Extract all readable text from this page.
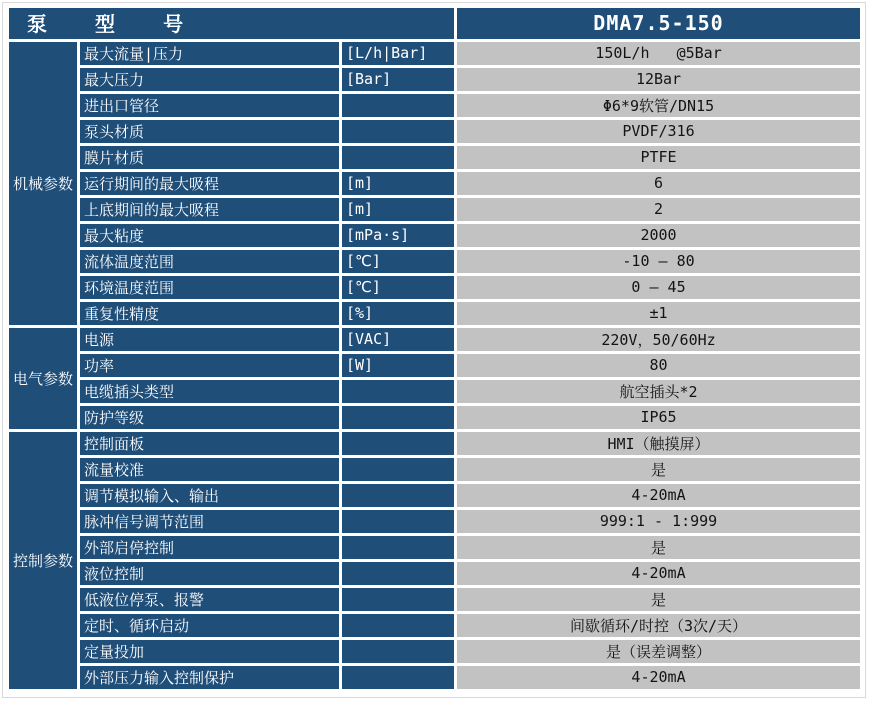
泵 型 号			DMA7.5-150
机械参数	最大流量|压力	[L/h|Bar]	150L/h   @5Bar
	最大压力	[Bar]	12Bar
	进出口管径		Φ6*9软管/DN15
	泵头材质		PVDF/316
	膜片材质		PTFE
	运行期间的最大吸程	[m]	6
	上底期间的最大吸程	[m]	2
	最大粘度	[mPa·s]	2000
	流体温度范围	[℃]	-10 — 80
	环境温度范围	[℃]	0 — 45
	重复性精度	[%]	±1
电气参数	电源	[VAC]	220V，50/60Hz
	功率	[W]	80
	电缆插头类型		航空插头*2
	防护等级		IP65
控制参数	控制面板		HMI（触摸屏）
	流量校准		是
	调节模拟输入、输出		4-20mA
	脉冲信号调节范围		999:1 - 1:999
	外部启停控制		是
	液位控制		4-20mA
	低液位停泵、报警		是
	定时、循环启动		间歇循环/时控（3次/天）
	定量投加		是（误差调整）
	外部压力输入控制保护		4-20mA
